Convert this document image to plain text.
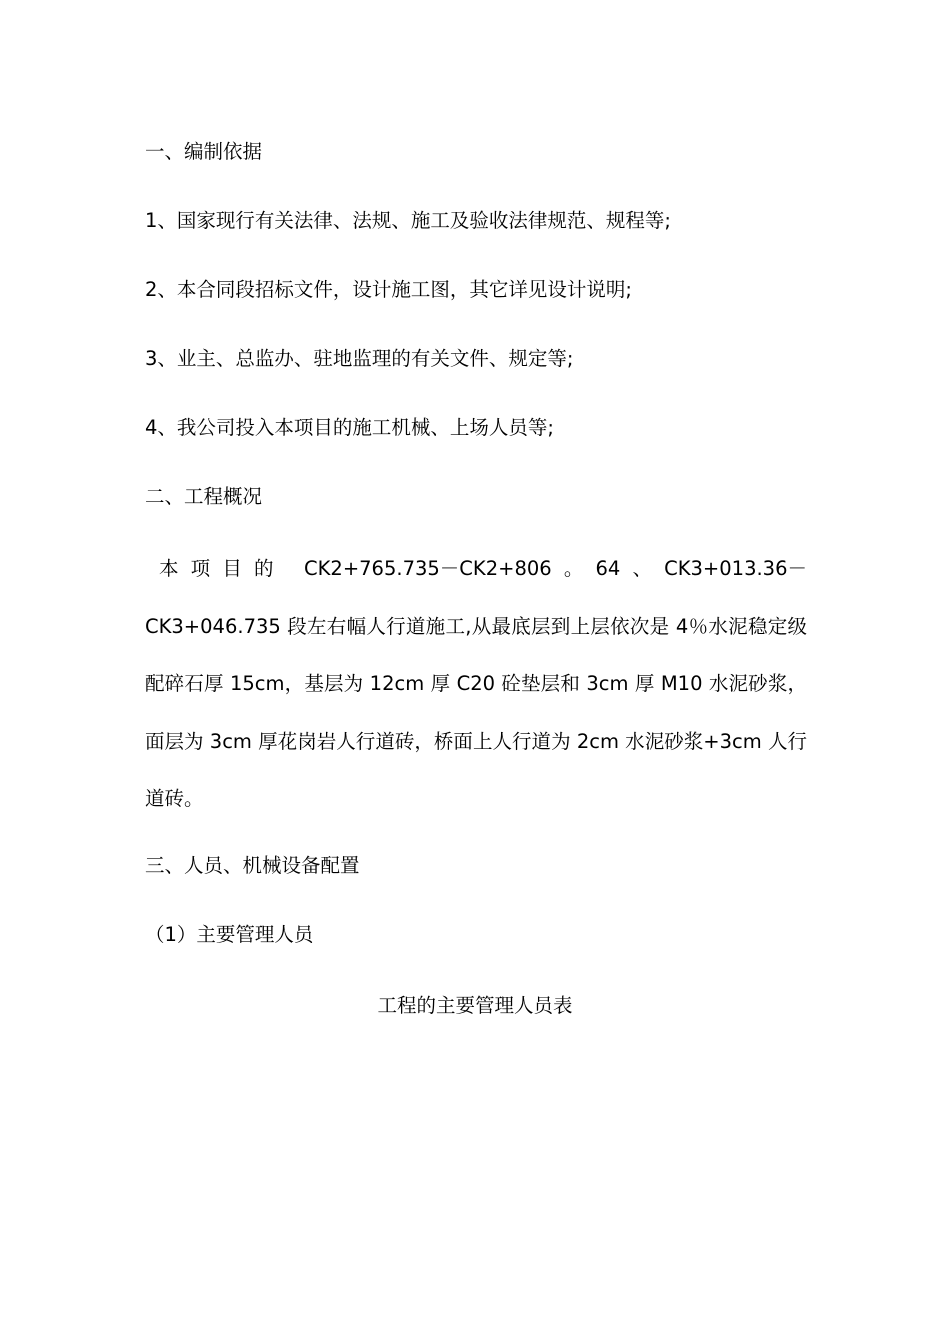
一、编制依据
1、国家现行有关法律、法规、施工及验收法律规范、规程等;
2、本合同段招标文件，设计施工图，其它详见设计说明;
3、业主、总监办、驻地监理的有关文件、规定等;
4、我公司投入本项目的施工机械、上场人员等;
二、工程概况
本项目的 CK2+765.735－CK2+806。64、CK3+013.36－CK3+046.735 段左右幅人行道施工,从最底层到上层依次是 4％水泥稳定级配碎石厚 15cm，基层为 12cm 厚 C20 砼垫层和 3cm 厚 M10 水泥砂浆，面层为 3cm 厚花岗岩人行道砖，桥面上人行道为 2cm 水泥砂浆+3cm 人行道砖。
三、人员、机械设备配置
（1）主要管理人员
工程的主要管理人员表
